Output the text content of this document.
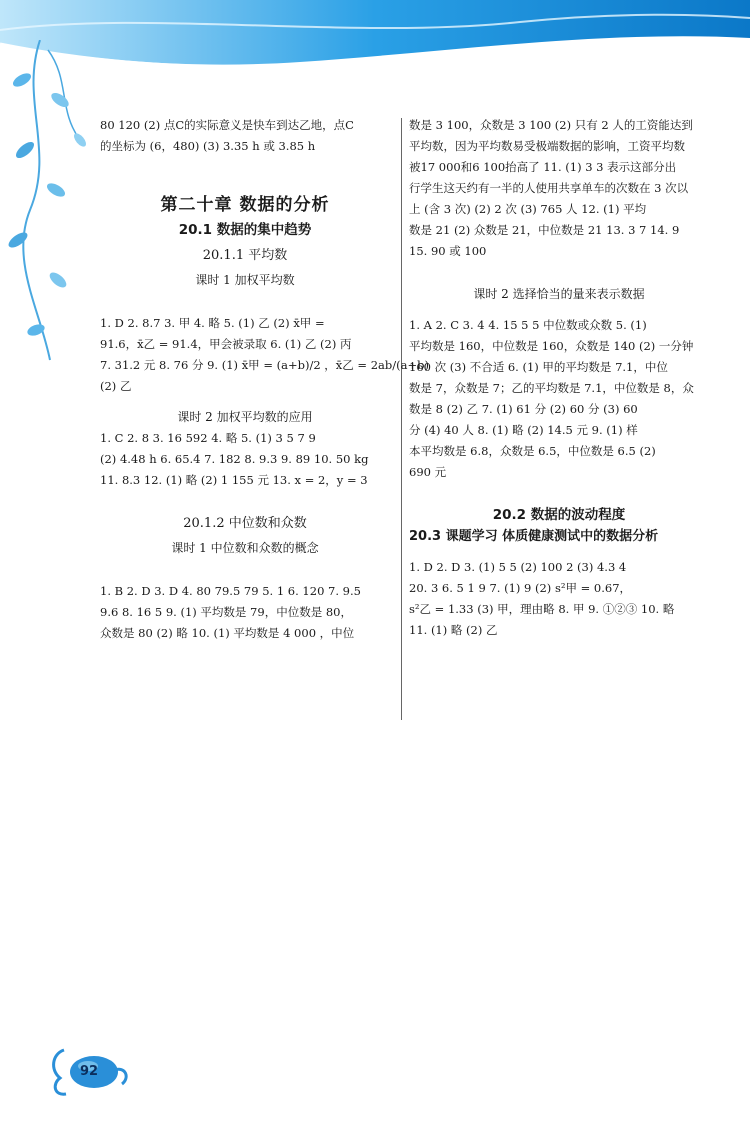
80 120 (2) 点C的实际意义是快车到达乙地，点C

的坐标为 (6，480) (3) 3.35 h 或 3.85 h

第二十章 数据的分析

20.1 数据的集中趋势

20.1.1 平均数

课时 1 加权平均数

1. D 2. 8.7 3. 甲 4. 略 5. (1) 乙 (2) x̄甲 =

91.6，x̄乙 = 91.4，甲会被录取 6. (1) 乙 (2) 丙

7. 31.2 元 8. 76 分 9. (1) x̄甲 = (a+b)/2 ，x̄乙 = 2ab/(a+b)

(2) 乙

课时 2 加权平均数的应用

1. C 2. 8 3. 16 592 4. 略 5. (1) 3 5 7 9

(2) 4.48 h 6. 65.4 7. 182 8. 9.3 9. 89 10. 50 kg

11. 8.3 12. (1) 略 (2) 1 155 元 13. x = 2，y = 3

20.1.2 中位数和众数

课时 1 中位数和众数的概念

1. B 2. D 3. D 4. 80 79.5 79 5. 1 6. 120 7. 9.5

9.6 8. 16 5 9. (1) 平均数是 79，中位数是 80，

众数是 80 (2) 略 10. (1) 平均数是 4 000 ，中位

数是 3 100，众数是 3 100 (2) 只有 2 人的工资能达到

平均数，因为平均数易受极端数据的影响，工资平均数

被17 000和6 100抬高了 11. (1) 3 3 表示这部分出

行学生这天约有一半的人使用共享单车的次数在 3 次以

上 (含 3 次) (2) 2 次 (3) 765 人 12. (1) 平均

数是 21 (2) 众数是 21，中位数是 21 13. 3 7 14. 9

15. 90 或 100

课时 2 选择恰当的量来表示数据

1. A 2. C 3. 4 4. 15 5 5 中位数或众数 5. (1)

平均数是 160，中位数是 160，众数是 140 (2) 一分钟

160 次 (3) 不合适 6. (1) 甲的平均数是 7.1，中位

数是 7，众数是 7；乙的平均数是 7.1，中位数是 8，众

数是 8 (2) 乙 7. (1) 61 分 (2) 60 分 (3) 60

分 (4) 40 人 8. (1) 略 (2) 14.5 元 9. (1) 样

本平均数是 6.8，众数是 6.5，中位数是 6.5 (2)

690 元

20.2 数据的波动程度

20.3 课题学习 体质健康测试中的数据分析

1. D 2. D 3. (1) 5 5 (2) 100 2 (3) 4.3 4

20. 3 6. 5 1 9 7. (1) 9 (2) s²甲 = 0.67，

s²乙 = 1.33 (3) 甲，理由略 8. 甲 9. ①②③ 10. 略

11. (1) 略 (2) 乙

92
